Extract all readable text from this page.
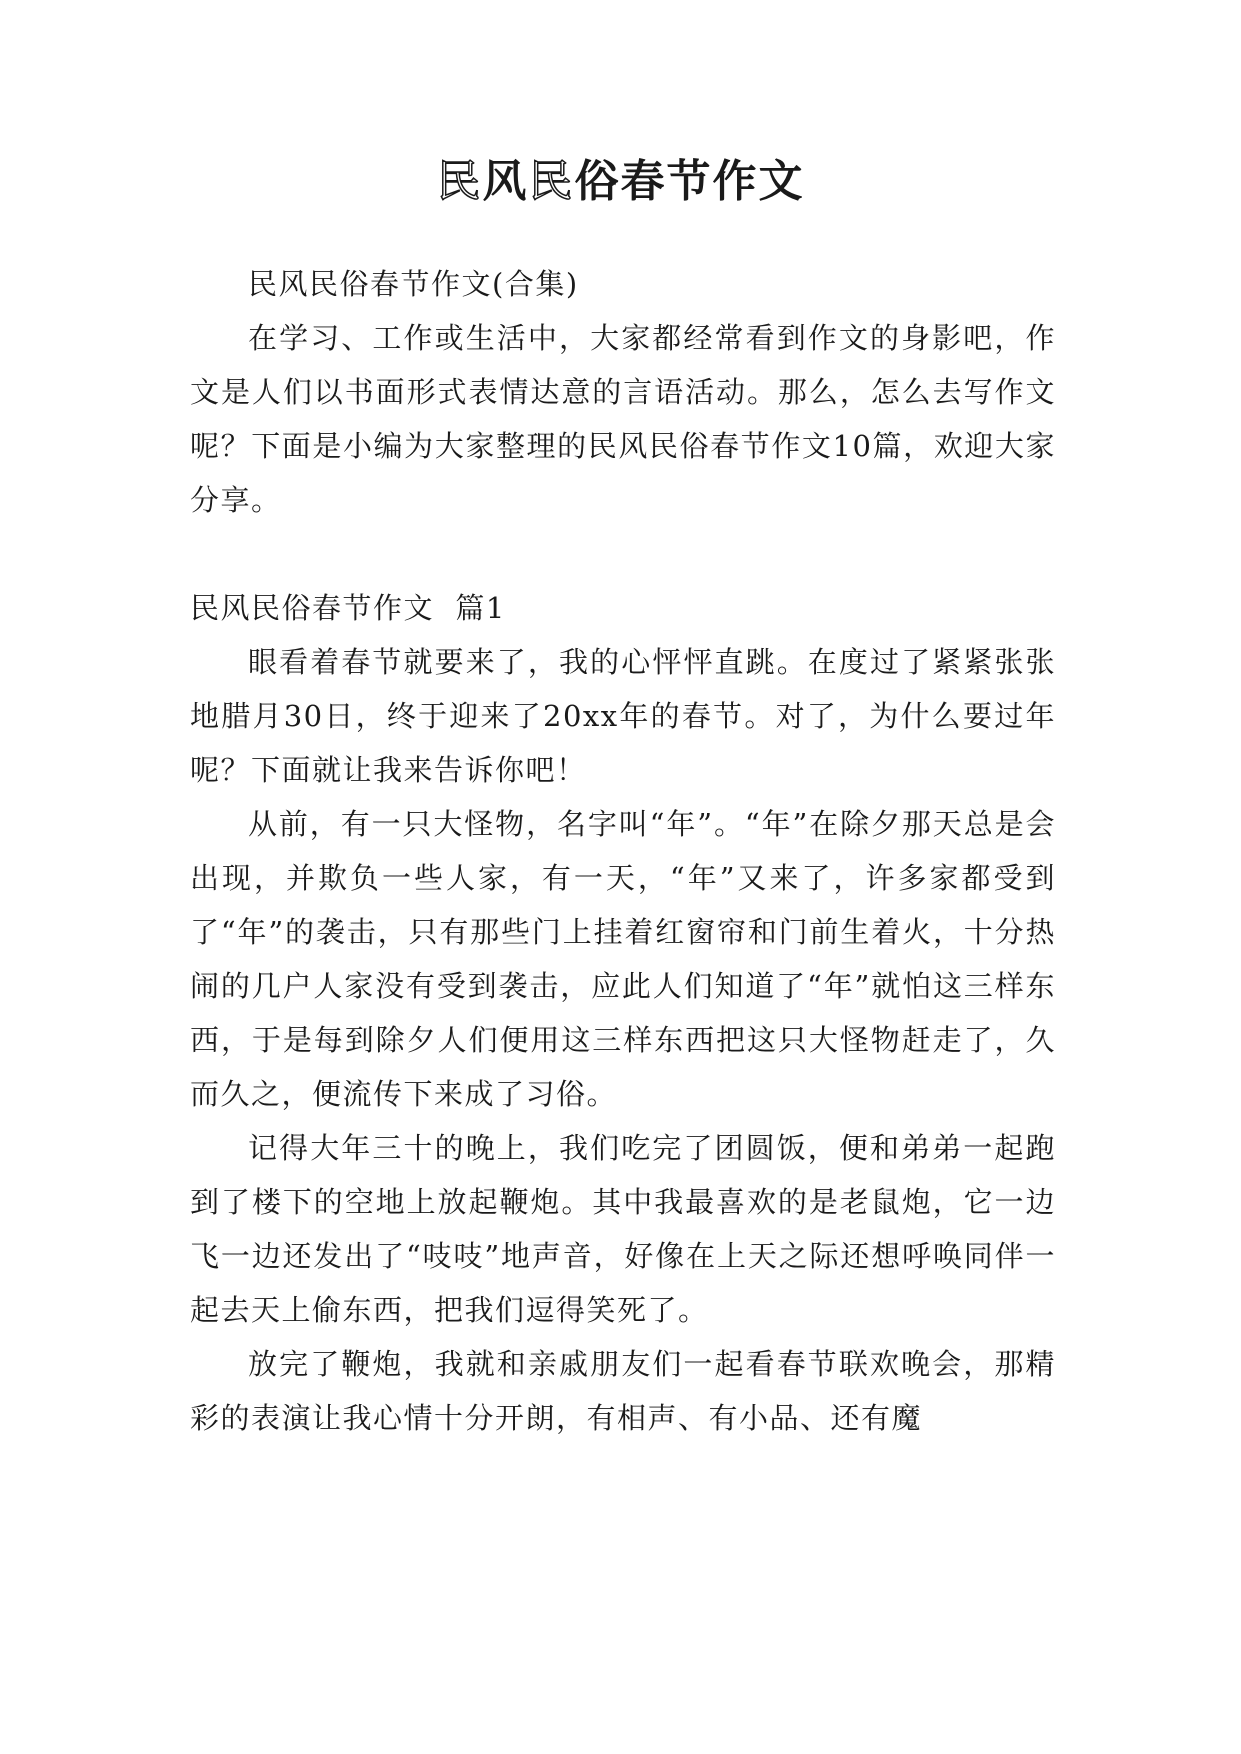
民风民俗春节作文

民风民俗春节作文(合集)

在学习、工作或生活中，大家都经常看到作文的身影吧，作文是人们以书面形式表情达意的言语活动。那么，怎么去写作文呢？下面是小编为大家整理的民风民俗春节作文10篇，欢迎大家分享。

民风民俗春节作文  篇1

眼看着春节就要来了，我的心怦怦直跳。在度过了紧紧张张地腊月30日，终于迎来了20xx年的春节。对了，为什么要过年呢？下面就让我来告诉你吧！

从前，有一只大怪物，名字叫“年”。“年”在除夕那天总是会出现，并欺负一些人家，有一天，“年”又来了，许多家都受到了“年”的袭击，只有那些门上挂着红窗帘和门前生着火，十分热闹的几户人家没有受到袭击，应此人们知道了“年”就怕这三样东西，于是每到除夕人们便用这三样东西把这只大怪物赶走了，久而久之，便流传下来成了习俗。

记得大年三十的晚上，我们吃完了团圆饭，便和弟弟一起跑到了楼下的空地上放起鞭炮。其中我最喜欢的是老鼠炮，它一边飞一边还发出了“吱吱”地声音，好像在上天之际还想呼唤同伴一起去天上偷东西，把我们逗得笑死了。

放完了鞭炮，我就和亲戚朋友们一起看春节联欢晚会，那精彩的表演让我心情十分开朗，有相声、有小品、还有魔
